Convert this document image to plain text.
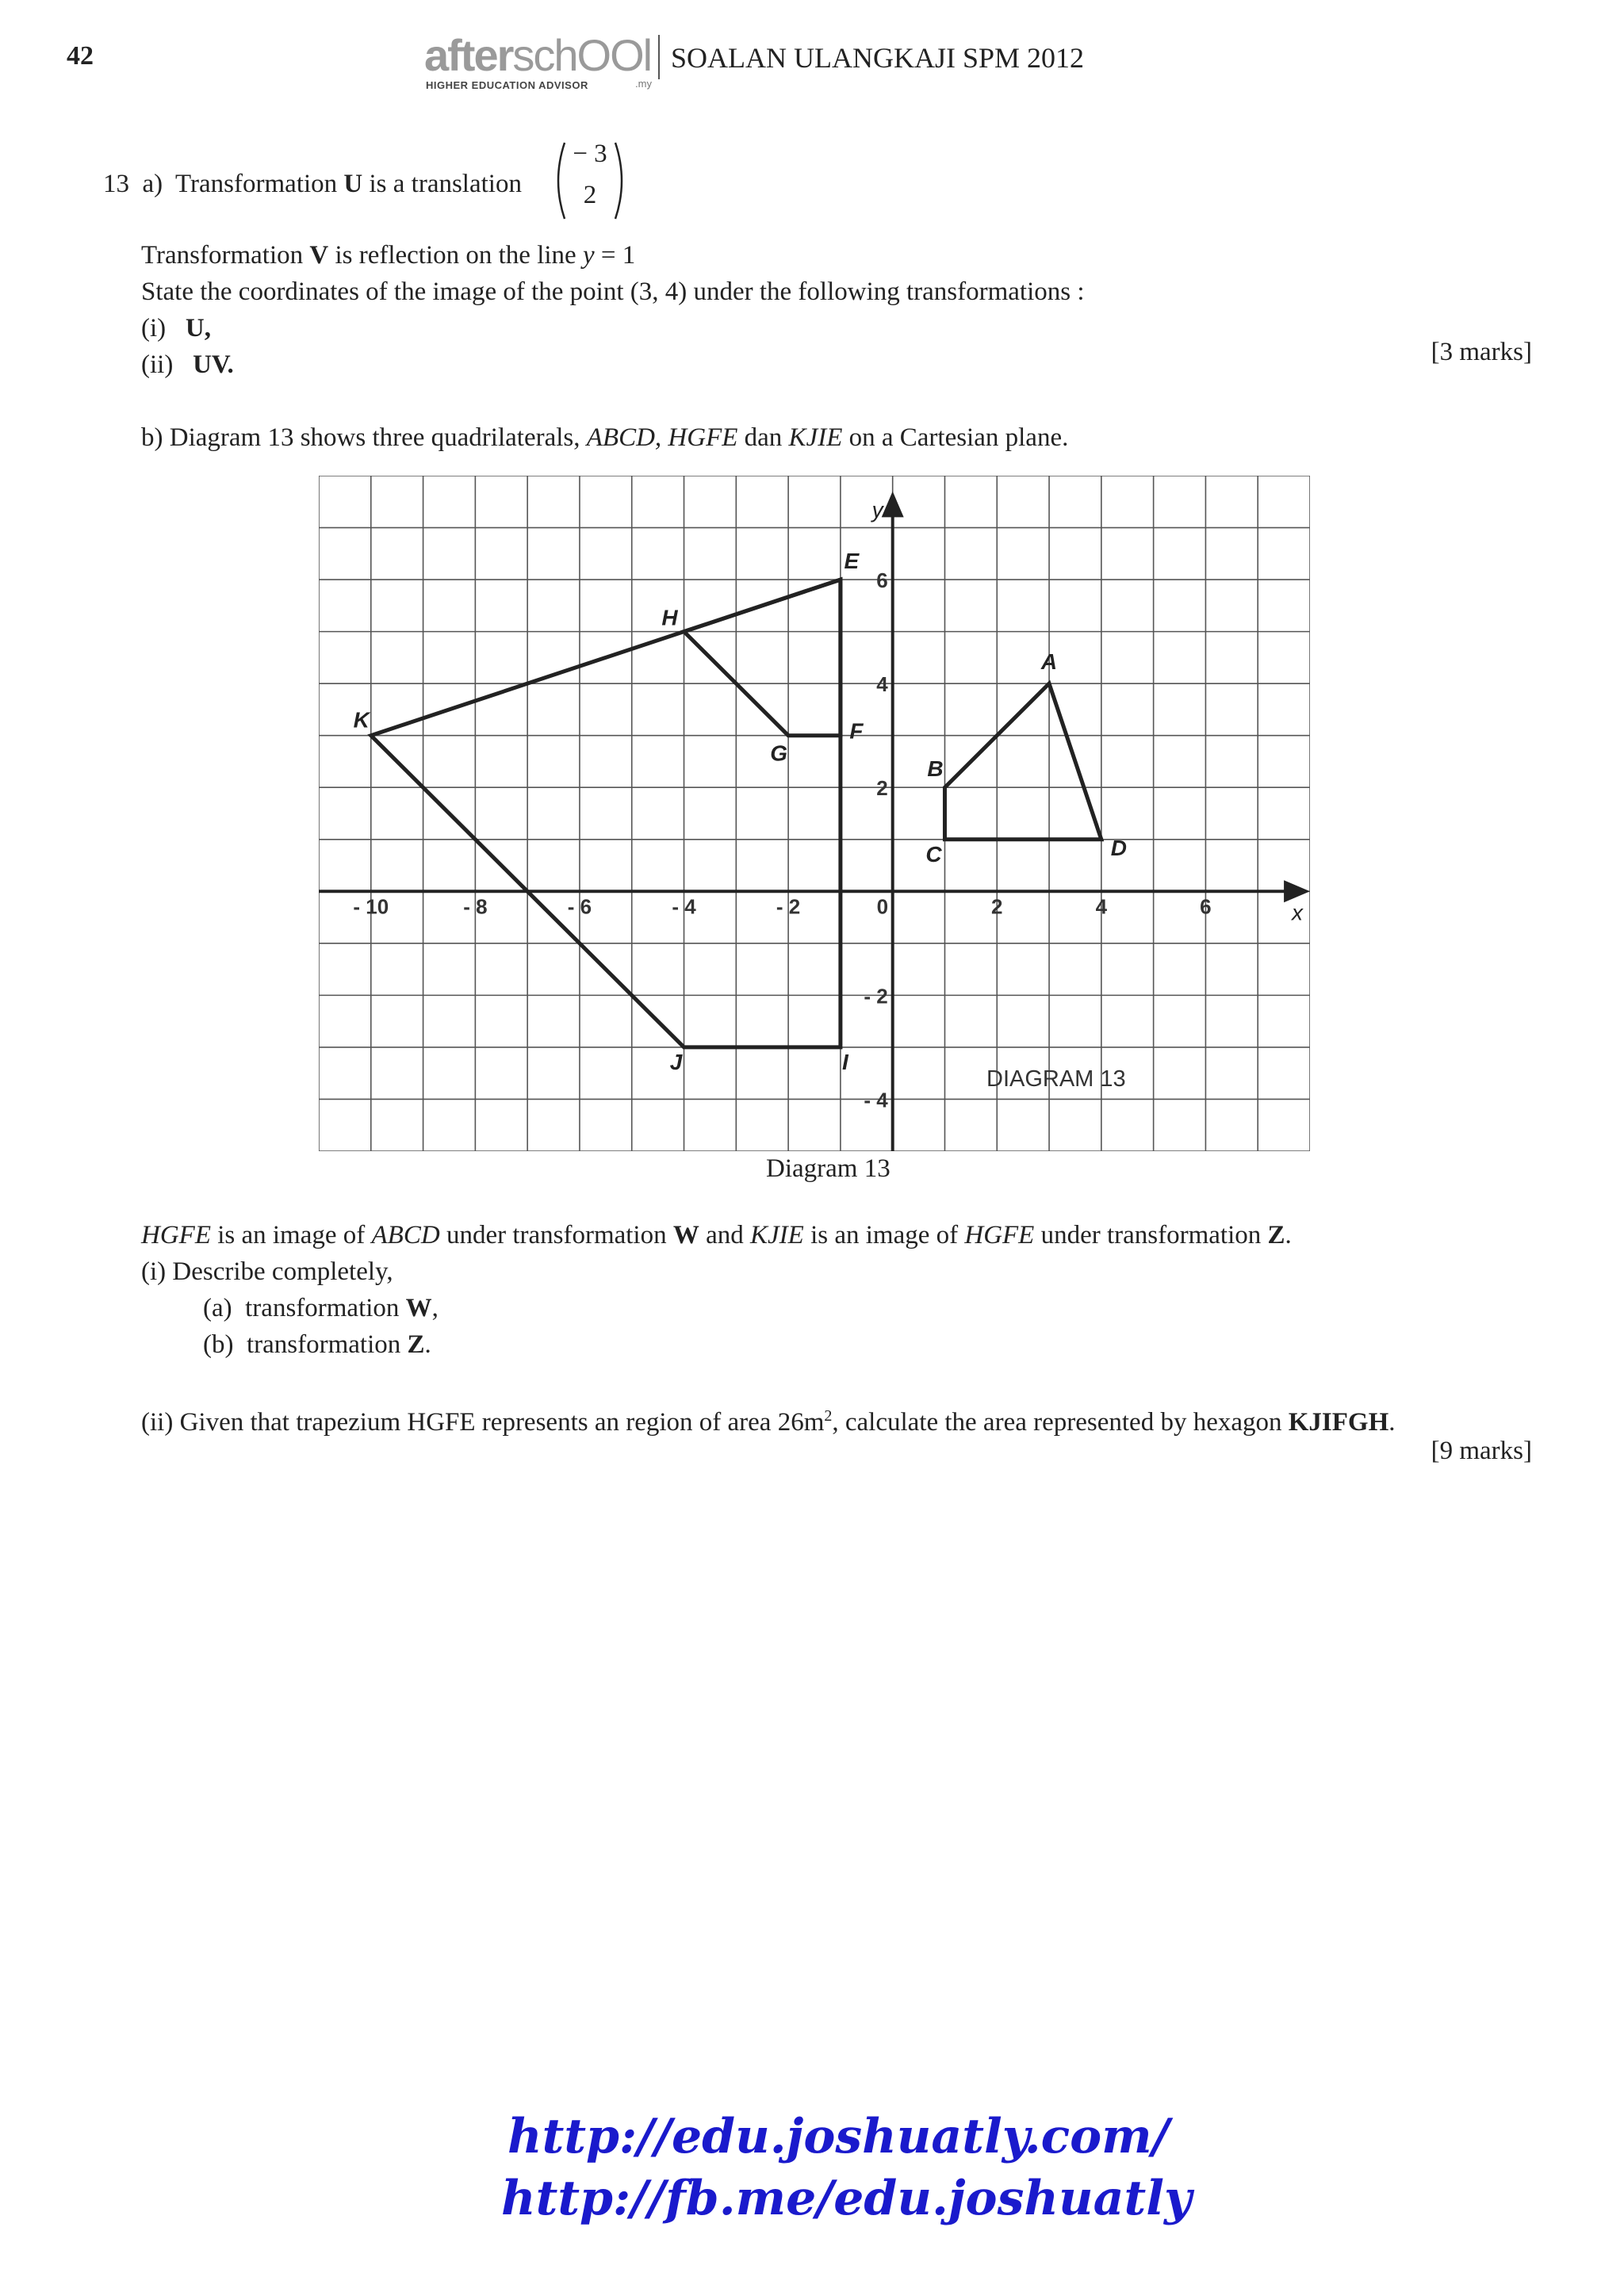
42	afterschOOl
HIGHER EDUCATION ADVISOR	.my
SOALAN ULANGKAJI SPM 2012
13 a) Transformation U is a translation
− 3
2
Transformation V is reflection on the line y = 1
State the coordinates of the image of the point (3, 4) under the following transformations :
(i) U,
(ii) UV.	[3 marks]
b) Diagram 13 shows three quadrilaterals, ABCD, HGFE dan KJIE on a Cartesian plane.
x
y
0
- 10	- 8	- 6	- 4	- 2	2	4	6
6
4
2
- 2
- 4
A
B
C	D
E
F
G
H
I
J
K
DIAGRAM 13
Diagram 13
HGFE is an image of ABCD under transformation W and KJIE is an image of HGFE under transformation Z.
(i) Describe completely,
(a) transformation W,
(b) transformation Z.
(ii) Given that trapezium HGFE represents an region of area $26m^2$, calculate the area represented by hexagon KJIFGH.
[9 marks]
http://edu.joshuatly.com/
http://fb.me/edu.joshuatly
